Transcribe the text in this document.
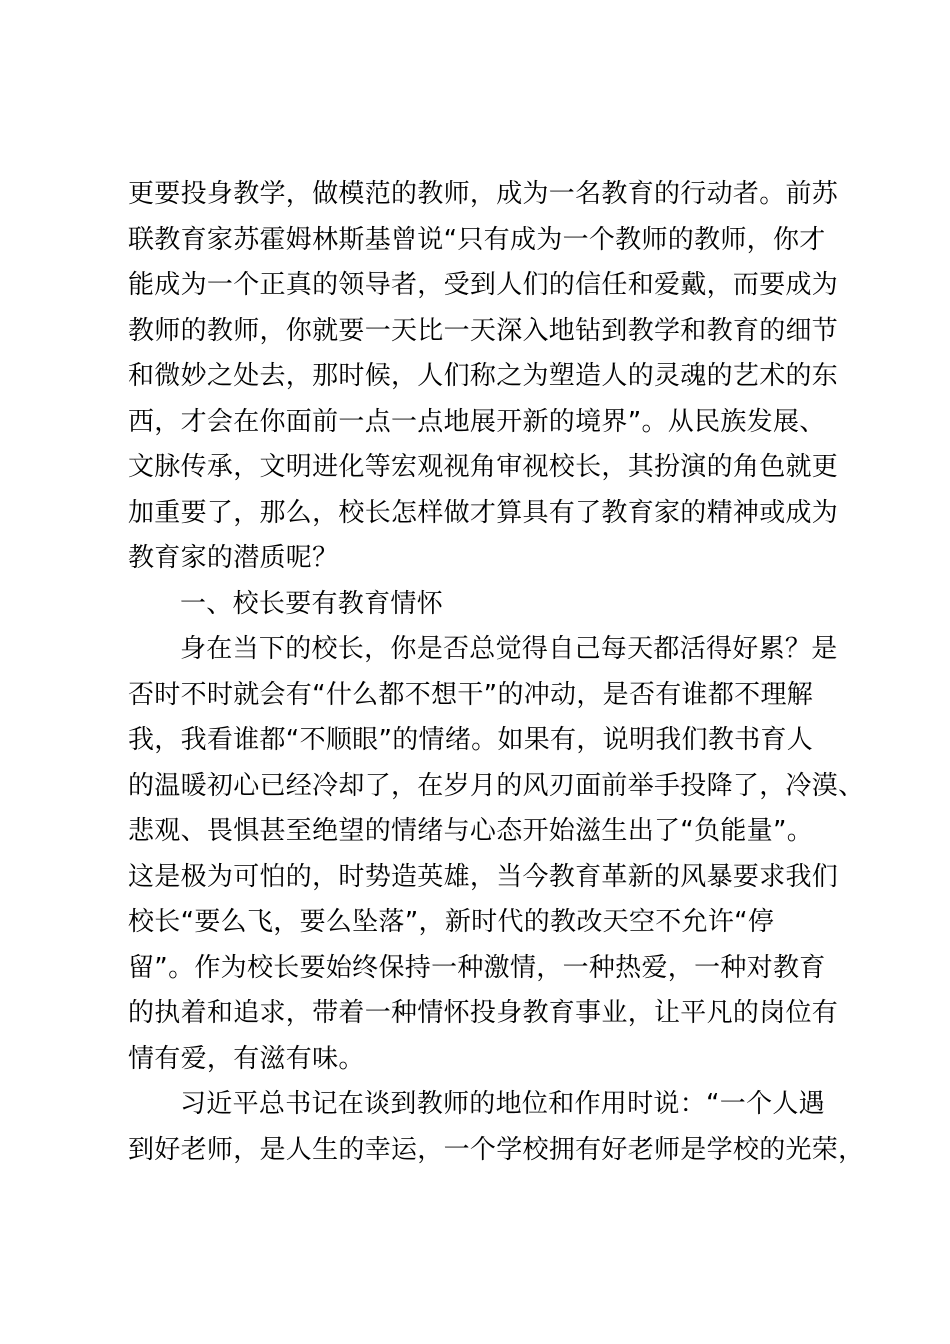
更要投身教学，做模范的教师，成为一名教育的行动者。前苏
联教育家苏霍姆林斯基曾说“只有成为一个教师的教师，你才
能成为一个正真的领导者，受到人们的信任和爱戴，而要成为
教师的教师，你就要一天比一天深入地钻到教学和教育的细节
和微妙之处去，那时候，人们称之为塑造人的灵魂的艺术的东
西，才会在你面前一点一点地展开新的境界”。从民族发展、
文脉传承，文明进化等宏观视角审视校长，其扮演的角色就更
加重要了，那么，校长怎样做才算具有了教育家的精神或成为
教育家的潜质呢？
一、校长要有教育情怀
身在当下的校长，你是否总觉得自己每天都活得好累？是
否时不时就会有“什么都不想干”的冲动，是否有谁都不理解
我，我看谁都“不顺眼”的情绪。如果有，说明我们教书育人
的温暖初心已经冷却了，在岁月的风刃面前举手投降了，冷漠、
悲观、畏惧甚至绝望的情绪与心态开始滋生出了“负能量”。
这是极为可怕的，时势造英雄，当今教育革新的风暴要求我们
校长“要么飞，要么坠落”，新时代的教改天空不允许“停
留”。作为校长要始终保持一种激情，一种热爱，一种对教育
的执着和追求，带着一种情怀投身教育事业，让平凡的岗位有
情有爱，有滋有味。
习近平总书记在谈到教师的地位和作用时说：“一个人遇
到好老师，是人生的幸运，一个学校拥有好老师是学校的光荣，
